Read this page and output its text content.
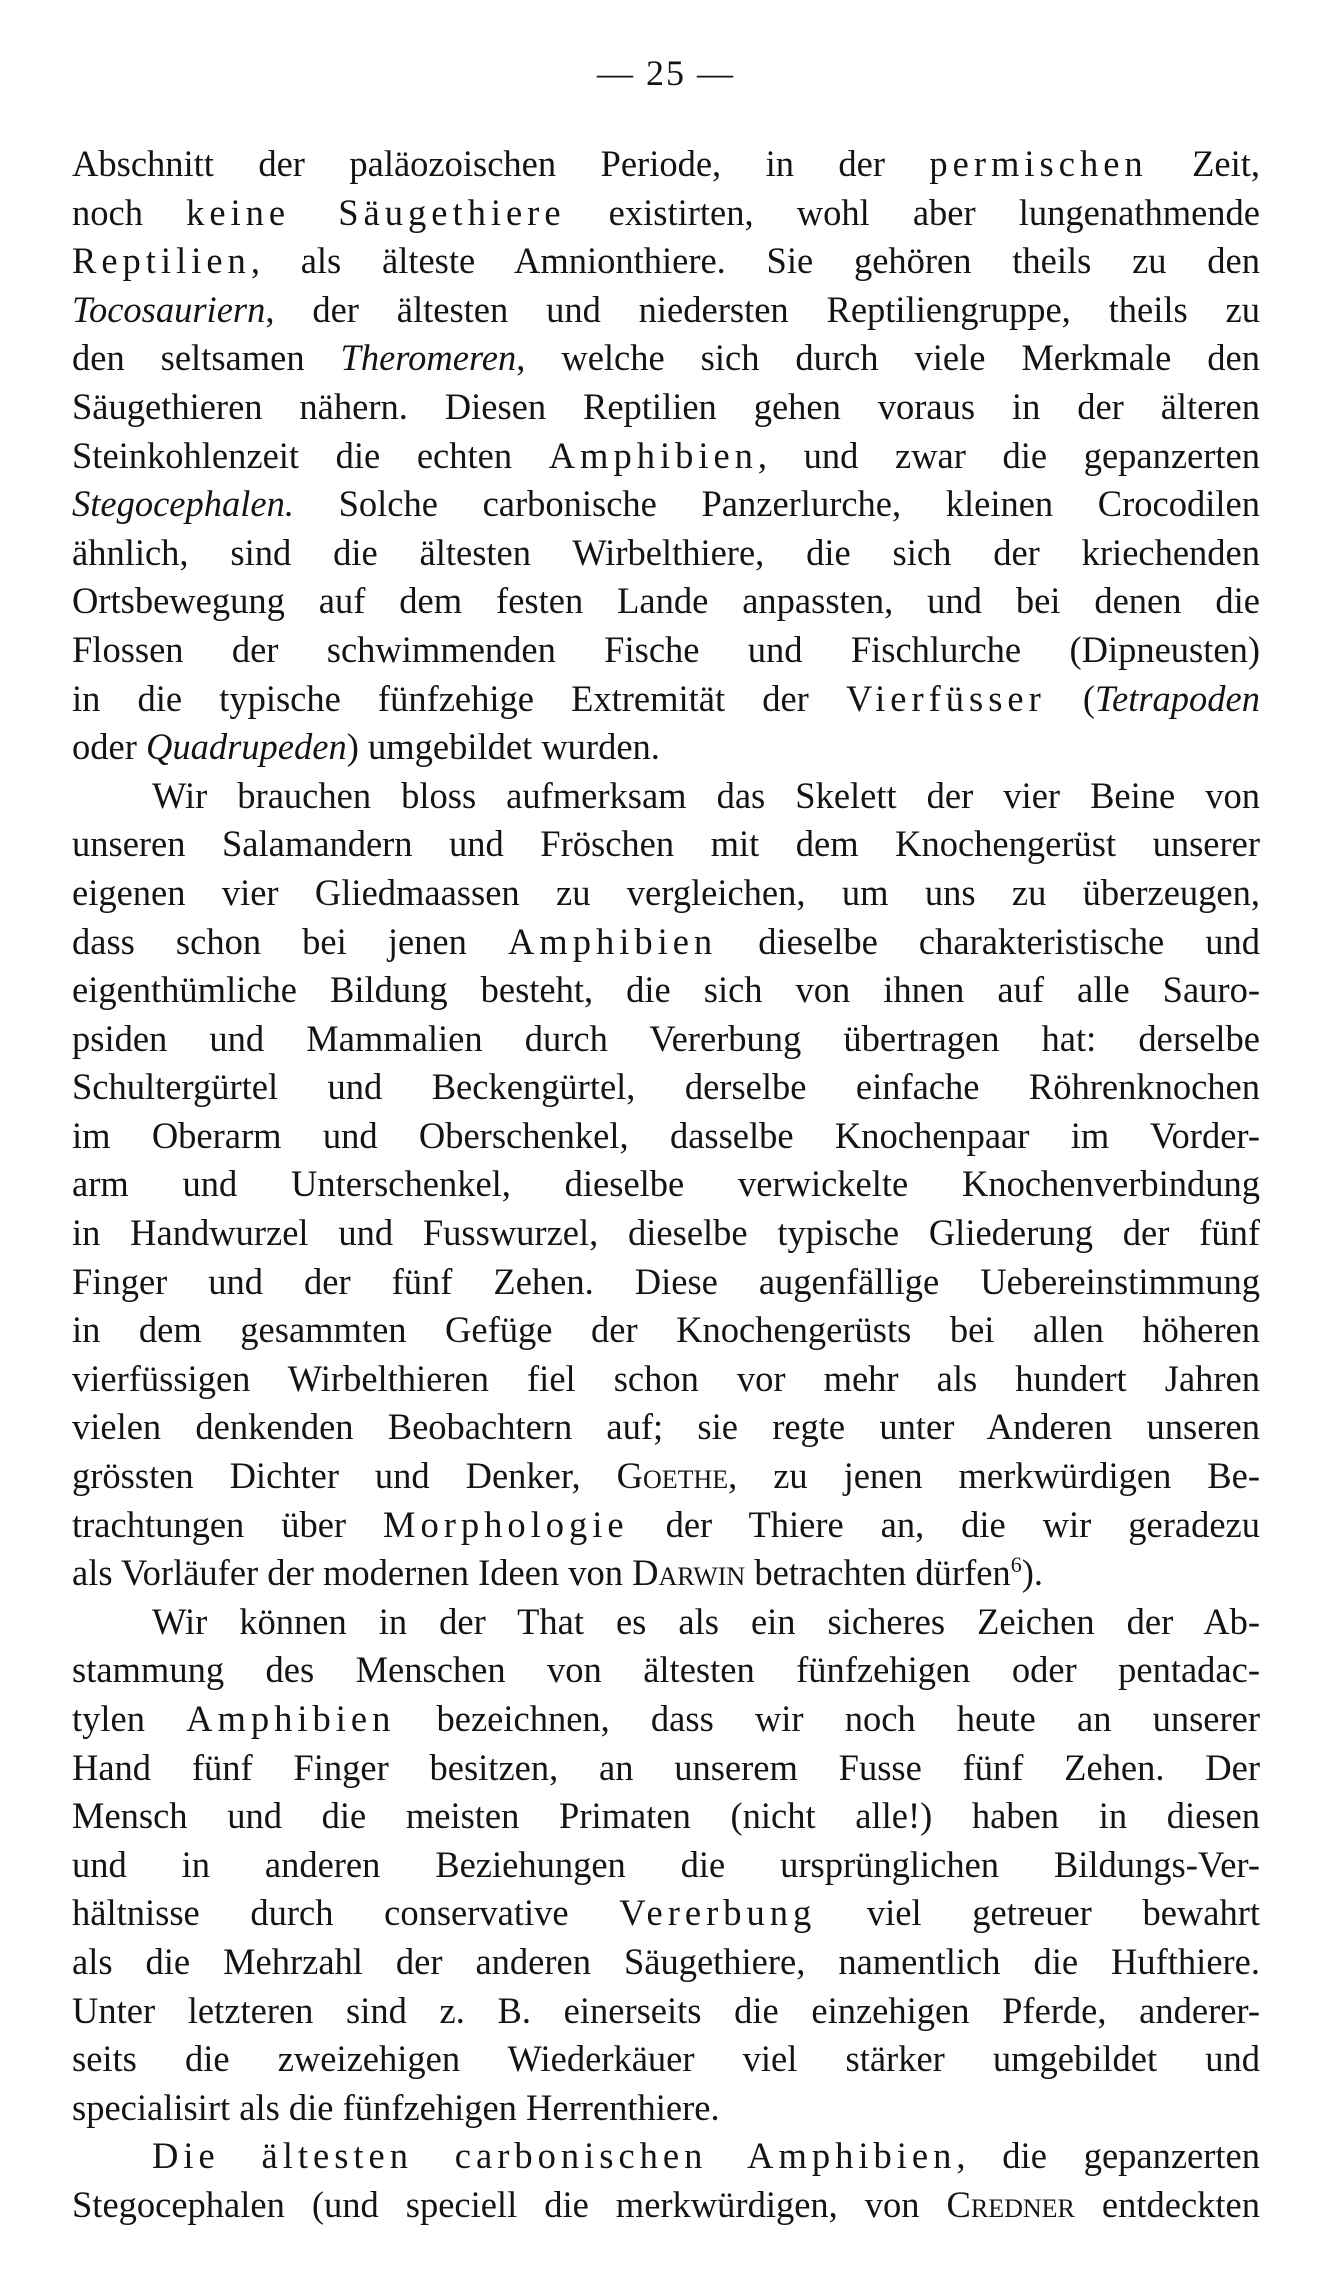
— 25 —
Abschnitt der paläozoischen Periode, in der permischen Zeit,
noch keine Säugethiere existirten, wohl aber lungenathmende
Reptilien, als älteste Amnionthiere. Sie gehören theils zu den
Tocosauriern, der ältesten und niedersten Reptiliengruppe, theils zu
den seltsamen Theromeren, welche sich durch viele Merkmale den
Säugethieren nähern. Diesen Reptilien gehen voraus in der älteren
Steinkohlenzeit die echten Amphibien, und zwar die gepanzerten
Stegocephalen. Solche carbonische Panzerlurche, kleinen Crocodilen
ähnlich, sind die ältesten Wirbelthiere, die sich der kriechenden
Ortsbewegung auf dem festen Lande anpassten, und bei denen die
Flossen der schwimmenden Fische und Fischlurche (Dipneusten)
in die typische fünfzehige Extremität der Vierfüsser (Tetrapoden
oder Quadrupeden) umgebildet wurden.
Wir brauchen bloss aufmerksam das Skelett der vier Beine von
unseren Salamandern und Fröschen mit dem Knochengerüst unserer
eigenen vier Gliedmaassen zu vergleichen, um uns zu überzeugen,
dass schon bei jenen Amphibien dieselbe charakteristische und
eigenthümliche Bildung besteht, die sich von ihnen auf alle Sauro-
psiden und Mammalien durch Vererbung übertragen hat: derselbe
Schultergürtel und Beckengürtel, derselbe einfache Röhrenknochen
im Oberarm und Oberschenkel, dasselbe Knochenpaar im Vorder-
arm und Unterschenkel, dieselbe verwickelte Knochenverbindung
in Handwurzel und Fusswurzel, dieselbe typische Gliederung der fünf
Finger und der fünf Zehen. Diese augenfällige Uebereinstimmung
in dem gesammten Gefüge der Knochengerüsts bei allen höheren
vierfüssigen Wirbelthieren fiel schon vor mehr als hundert Jahren
vielen denkenden Beobachtern auf; sie regte unter Anderen unseren
grössten Dichter und Denker, Goethe, zu jenen merkwürdigen Be-
trachtungen über Morphologie der Thiere an, die wir geradezu
als Vorläufer der modernen Ideen von Darwin betrachten dürfen$^6$).
Wir können in der That es als ein sicheres Zeichen der Ab-
stammung des Menschen von ältesten fünfzehigen oder pentadac-
tylen Amphibien bezeichnen, dass wir noch heute an unserer
Hand fünf Finger besitzen, an unserem Fusse fünf Zehen. Der
Mensch und die meisten Primaten (nicht alle!) haben in diesen
und in anderen Beziehungen die ursprünglichen Bildungs-Ver-
hältnisse durch conservative Vererbung viel getreuer bewahrt
als die Mehrzahl der anderen Säugethiere, namentlich die Hufthiere.
Unter letzteren sind z. B. einerseits die einzehigen Pferde, anderer-
seits die zweizehigen Wiederkäuer viel stärker umgebildet und
specialisirt als die fünfzehigen Herrenthiere.
Die ältesten carbonischen Amphibien, die gepanzerten
Stegocephalen (und speciell die merkwürdigen, von Credner entdeckten
